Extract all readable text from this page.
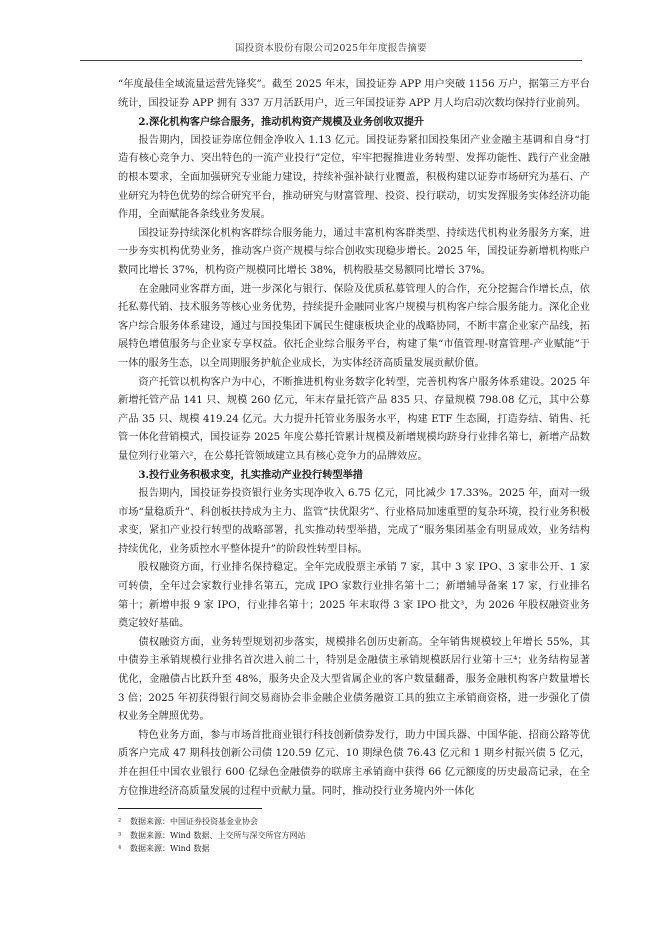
国投资本股份有限公司2025年年度报告摘要

“年度最佳全域流量运营先锋奖”。截至 2025 年末，国投证券 APP 用户突破 1156 万户，据第三方平台统计，国投证券 APP 拥有 337 万月活跃用户，近三年国投证券 APP 月人均启动次数均保持行业前列。

2.深化机构客户综合服务，推动机构资产规模及业务创收双提升

报告期内，国投证券席位佣金净收入 1.13 亿元。国投证券紧扣国投集团产业金融主基调和自身“打造有核心竞争力、突出特色的一流产业投行”定位，牢牢把握推进业务转型、发挥功能性、践行产业金融的根本要求，全面加强研究专业能力建设，持续补强补缺行业覆盖，积极构建以证券市场研究为基石、产业研究为特色优势的综合研究平台，推动研究与财富管理、投资、投行联动，切实发挥服务实体经济功能作用，全面赋能各条线业务发展。

国投证券持续深化机构客群综合服务能力，通过丰富机构客群类型、持续迭代机构业务服务方案，进一步夯实机构优势业务，推动客户资产规模与综合创收实现稳步增长。2025 年，国投证券新增机构账户数同比增长 37%，机构资产规模同比增长 38%，机构股基交易额同比增长 37%。

在金融同业客群方面，进一步深化与银行、保险及优质私募管理人的合作，充分挖掘合作增长点，依托私募代销、技术服务等核心业务优势，持续提升金融同业客户规模与机构客户综合服务能力。深化企业客户综合服务体系建设，通过与国投集团下属民生健康板块企业的战略协同，不断丰富企业家产品线，拓展特色增值服务与企业家专享权益。依托企业综合服务平台，构建了集“市值管理-财富管理-产业赋能”于一体的服务生态，以全周期服务护航企业成长，为实体经济高质量发展贡献价值。

资产托管以机构客户为中心，不断推进机构业务数字化转型，完善机构客户服务体系建设。2025 年新增托管产品 141 只、规模 260 亿元，年末存量托管产品 835 只、存量规模 798.08 亿元，其中公募产品 35 只、规模 419.24 亿元。大力提升托管业务服务水平，构建 ETF 生态圈，打造券结、销售、托管一体化营销模式，国投证券 2025 年度公募托管累计规模及新增规模均跻身行业排名第七，新增产品数量位列行业第六²，在公募托管领域建立具有核心竞争力的品牌效应。

3.投行业务积极求变，扎实推动产业投行转型举措

报告期内，国投证券投资银行业务实现净收入 6.75 亿元，同比减少 17.33%。2025 年，面对一级市场“量稳质升”、科创板扶持成为主力、监管“扶优限劣”、行业格局加速重塑的复杂环境，投行业务积极求变，紧扣产业投行转型的战略部署，扎实推动转型举措，完成了“服务集团基金有明显成效，业务结构持续优化，业务质控水平整体提升”的阶段性转型目标。

股权融资方面，行业排名保持稳定。全年完成股票主承销 7 家，其中 3 家 IPO、3 家非公开、1 家可转债，全年过会家数行业排名第五，完成 IPO 家数行业排名第十二；新增辅导备案 17 家，行业排名第十；新增申报 9 家 IPO，行业排名第十；2025 年末取得 3 家 IPO 批文³，为 2026 年股权融资业务奠定较好基础。

债权融资方面，业务转型规划初步落实，规模排名创历史新高。全年销售规模较上年增长 55%，其中债券主承销规模行业排名首次进入前二十，特别是金融债主承销规模跃居行业第十三⁴；业务结构显著优化，金融债占比跃升至 48%，服务央企及大型省属企业的客户数量翻番，服务金融机构客户数量增长 3 倍；2025 年初获得银行间交易商协会非金融企业债务融资工具的独立主承销商资格，进一步强化了债权业务全牌照优势。

特色业务方面，参与市场首批商业银行科技创新债券发行，助力中国兵器、中国华能、招商公路等优质客户完成 47 期科技创新公司债 120.59 亿元、10 期绿色债 76.43 亿元和 1 期乡村振兴债 5 亿元，并在担任中国农业银行 600 亿绿色金融债券的联席主承销商中获得 66 亿元额度的历史最高记录，在全方位推进经济高质量发展的过程中贡献力量。同时，推动投行业务境内外一体化

² 数据来源：中国证券投资基金业协会
³ 数据来源：Wind 数据、上交所与深交所官方网站
⁴ 数据来源：Wind 数据
